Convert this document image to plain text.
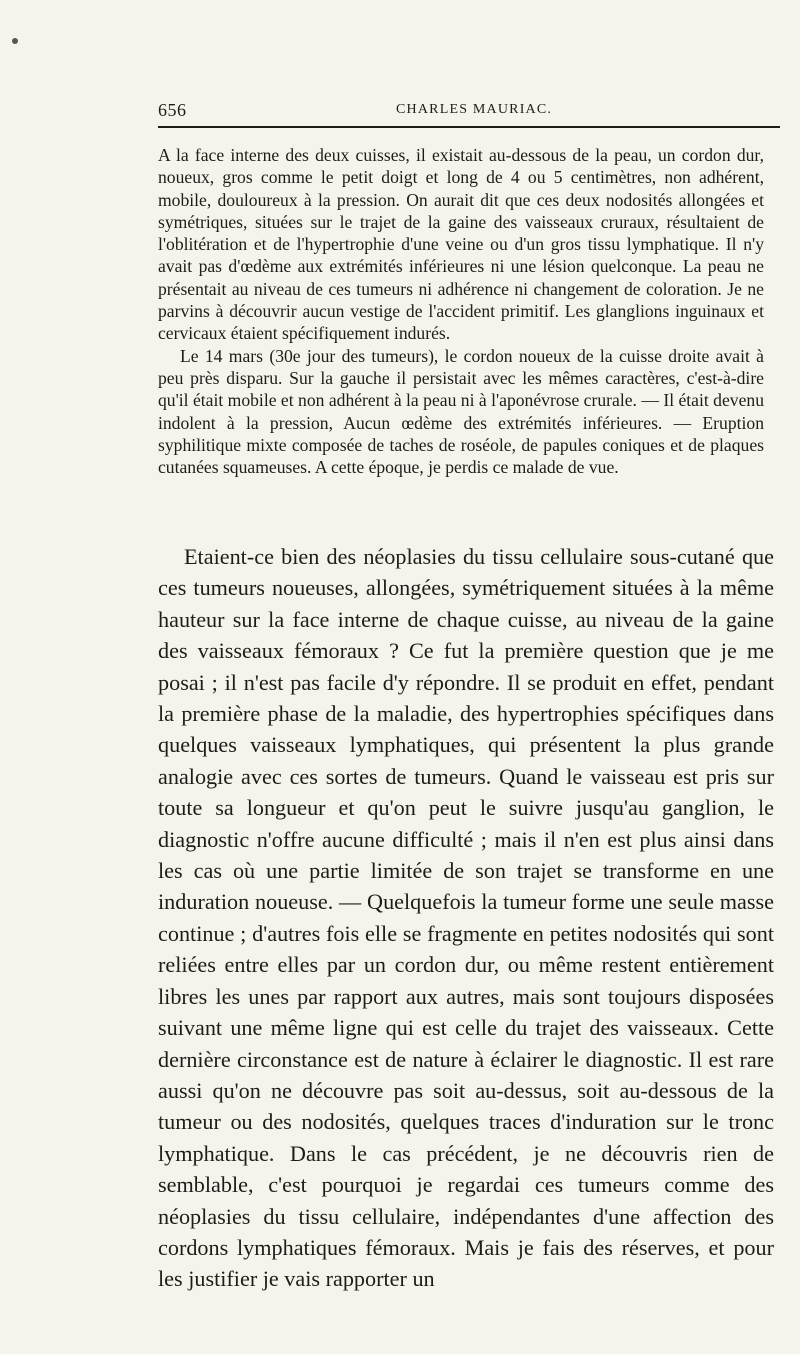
656	CHARLES MAURIAC.

A la face interne des deux cuisses, il existait au-dessous de la peau, un cordon dur, noueux, gros comme le petit doigt et long de 4 ou 5 centimètres, non adhérent, mobile, douloureux à la pression. On aurait dit que ces deux nodosités allongées et symétriques, situées sur le trajet de la gaine des vaisseaux cruraux, résultaient de l'oblitération et de l'hypertrophie d'une veine ou d'un gros tissu lymphatique. Il n'y avait pas d'œdème aux extrémités inférieures ni une lésion quelconque. La peau ne présentait au niveau de ces tumeurs ni adhérence ni changement de coloration. Je ne parvins à découvrir aucun vestige de l'accident primitif. Les glanglions inguinaux et cervicaux étaient spécifiquement indurés.

Le 14 mars (30e jour des tumeurs), le cordon noueux de la cuisse droite avait à peu près disparu. Sur la gauche il persistait avec les mêmes caractères, c'est-à-dire qu'il était mobile et non adhérent à la peau ni à l'aponévrose crurale. — Il était devenu indolent à la pression, Aucun œdème des extrémités inférieures. — Eruption syphilitique mixte composée de taches de roséole, de papules coniques et de plaques cutanées squameuses. A cette époque, je perdis ce malade de vue.

Etaient-ce bien des néoplasies du tissu cellulaire sous-cutané que ces tumeurs noueuses, allongées, symétriquement situées à la même hauteur sur la face interne de chaque cuisse, au niveau de la gaine des vaisseaux fémoraux ? Ce fut la première question que je me posai ; il n'est pas facile d'y répondre. Il se produit en effet, pendant la première phase de la maladie, des hypertrophies spécifiques dans quelques vaisseaux lymphatiques, qui présentent la plus grande analogie avec ces sortes de tumeurs. Quand le vaisseau est pris sur toute sa longueur et qu'on peut le suivre jusqu'au ganglion, le diagnostic n'offre aucune difficulté ; mais il n'en est plus ainsi dans les cas où une partie limitée de son trajet se transforme en une induration noueuse. — Quelquefois la tumeur forme une seule masse continue ; d'autres fois elle se fragmente en petites nodosités qui sont reliées entre elles par un cordon dur, ou même restent entièrement libres les unes par rapport aux autres, mais sont toujours disposées suivant une même ligne qui est celle du trajet des vaisseaux. Cette dernière circonstance est de nature à éclairer le diagnostic. Il est rare aussi qu'on ne découvre pas soit au-dessus, soit au-dessous de la tumeur ou des nodosités, quelques traces d'induration sur le tronc lymphatique. Dans le cas précédent, je ne découvris rien de semblable, c'est pourquoi je regardai ces tumeurs comme des néoplasies du tissu cellulaire, indépendantes d'une affection des cordons lymphatiques fémoraux. Mais je fais des réserves, et pour les justifier je vais rapporter un
